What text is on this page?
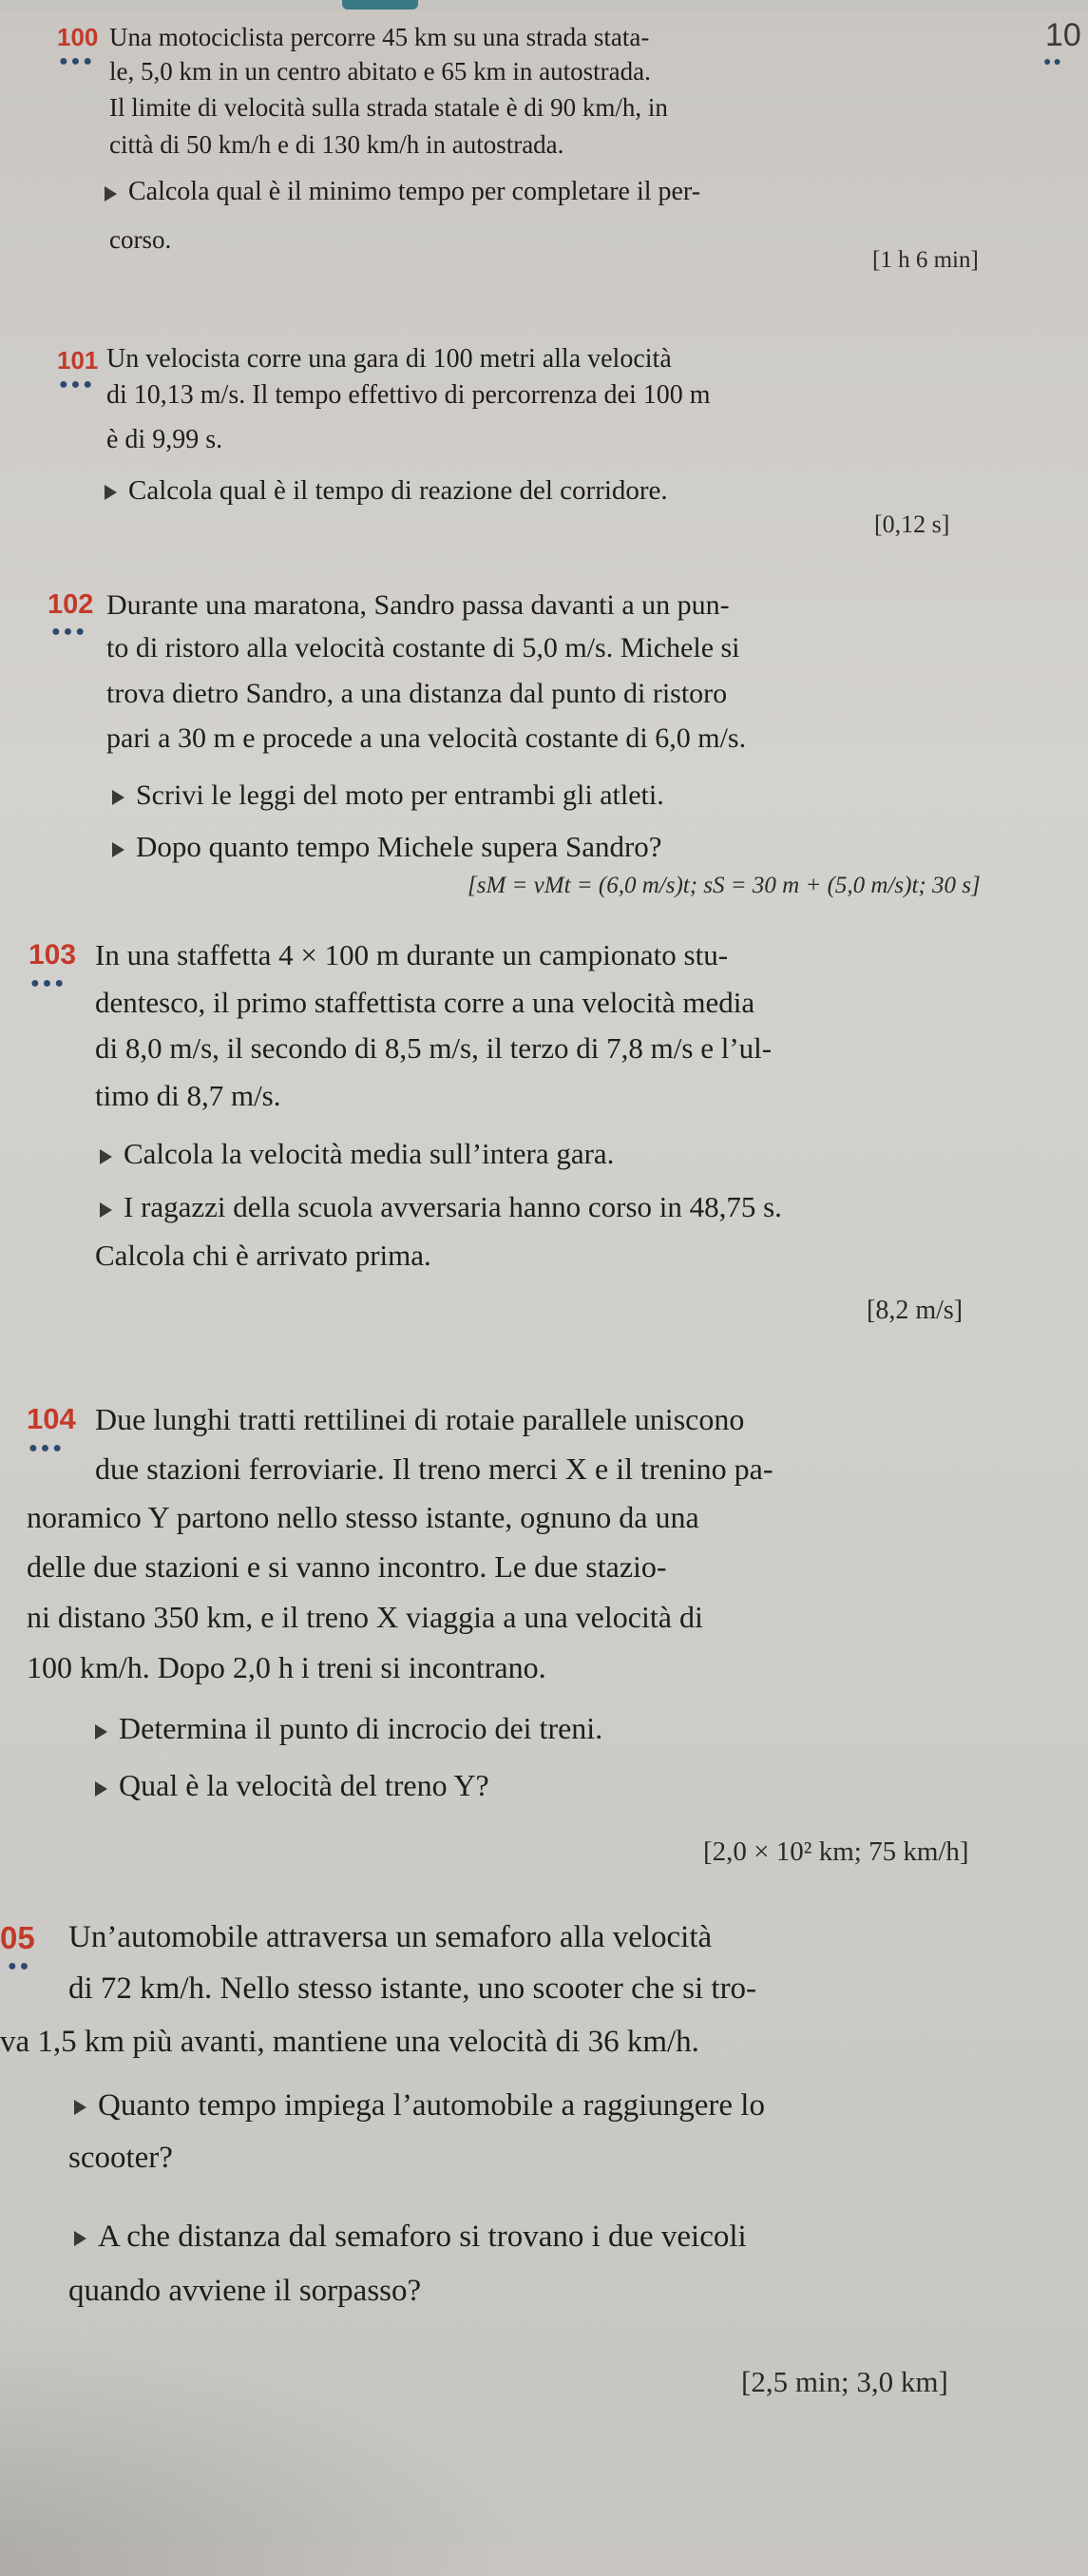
10
●●
100
●●●
Una motociclista percorre 45 km su una strada stata-
le, 5,0 km in un centro abitato e 65 km in autostrada.
Il limite di velocità sulla strada statale è di 90 km/h, in
città di 50 km/h e di 130 km/h in autostrada.
Calcola qual è il minimo tempo per completare il per-
corso.
[1 h 6 min]
101
●●●
Un velocista corre una gara di 100 metri alla velocità
di 10,13 m/s. Il tempo effettivo di percorrenza dei 100 m
è di 9,99 s.
Calcola qual è il tempo di reazione del corridore.
[0,12 s]
102
●●●
Durante una maratona, Sandro passa davanti a un pun-
to di ristoro alla velocità costante di 5,0 m/s. Michele si
trova dietro Sandro, a una distanza dal punto di ristoro
pari a 30 m e procede a una velocità costante di 6,0 m/s.
Scrivi le leggi del moto per entrambi gli atleti.
Dopo quanto tempo Michele supera Sandro?
[sM = vMt = (6,0 m/s)t; sS = 30 m + (5,0 m/s)t; 30 s]
103
●●●
In una staffetta 4 × 100 m durante un campionato stu-
dentesco, il primo staffettista corre a una velocità media
di 8,0 m/s, il secondo di 8,5 m/s, il terzo di 7,8 m/s e l’ul-
timo di 8,7 m/s.
Calcola la velocità media sull’intera gara.
I ragazzi della scuola avversaria hanno corso in 48,75 s.
Calcola chi è arrivato prima.
[8,2 m/s]
104
●●●
Due lunghi tratti rettilinei di rotaie parallele uniscono
due stazioni ferroviarie. Il treno merci X e il trenino pa-
noramico Y partono nello stesso istante, ognuno da una
delle due stazioni e si vanno incontro. Le due stazio-
ni distano 350 km, e il treno X viaggia a una velocità di
100 km/h. Dopo 2,0 h i treni si incontrano.
Determina il punto di incrocio dei treni.
Qual è la velocità del treno Y?
[2,0 × 10² km; 75 km/h]
05
●●
Un’automobile attraversa un semaforo alla velocità
di 72 km/h. Nello stesso istante, uno scooter che si tro-
va 1,5 km più avanti, mantiene una velocità di 36 km/h.
Quanto tempo impiega l’automobile a raggiungere lo
scooter?
A che distanza dal semaforo si trovano i due veicoli
quando avviene il sorpasso?
[2,5 min; 3,0 km]
